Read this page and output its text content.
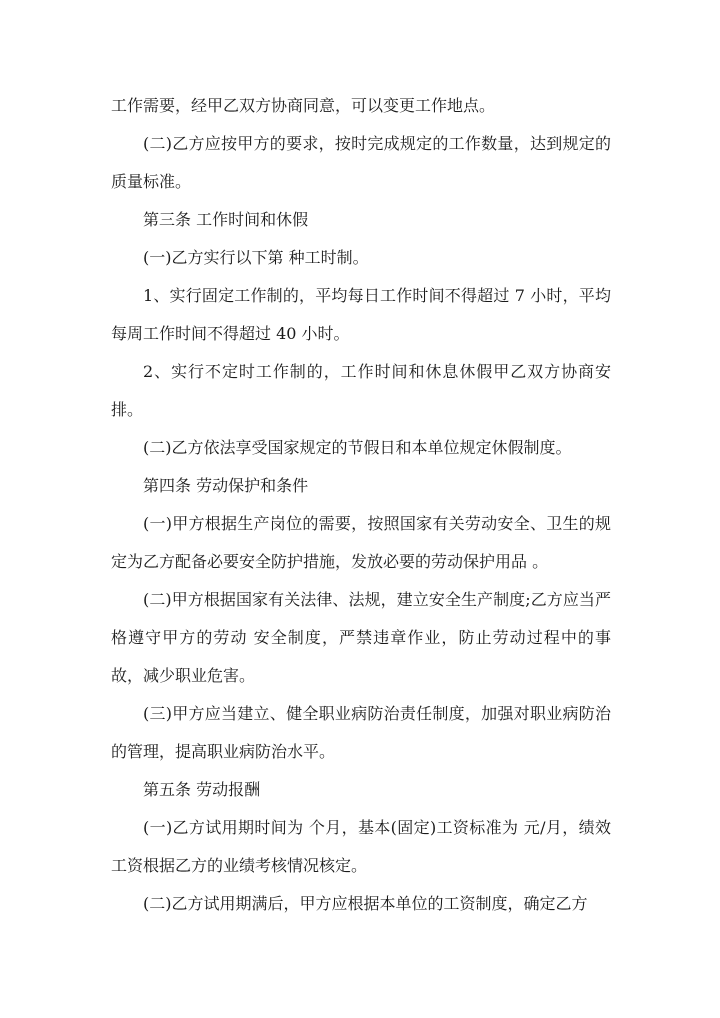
工作需要，经甲乙双方协商同意，可以变更工作地点。

(二)乙方应按甲方的要求，按时完成规定的工作数量，达到规定的质量标准。

第三条 工作时间和休假

(一)乙方实行以下第 种工时制。

1、实行固定工作制的，平均每日工作时间不得超过 7 小时，平均每周工作时间不得超过 40 小时。

2、实行不定时工作制的，工作时间和休息休假甲乙双方协商安排。

(二)乙方依法享受国家规定的节假日和本单位规定休假制度。

第四条 劳动保护和条件

(一)甲方根据生产岗位的需要，按照国家有关劳动安全、卫生的规定为乙方配备必要安全防护措施，发放必要的劳动保护用品 。

(二)甲方根据国家有关法律、法规，建立安全生产制度;乙方应当严格遵守甲方的劳动 安全制度，严禁违章作业，防止劳动过程中的事故，减少职业危害。

(三)甲方应当建立、健全职业病防治责任制度，加强对职业病防治的管理，提高职业病防治水平。

第五条 劳动报酬

(一)乙方试用期时间为 个月，基本(固定)工资标准为 元/月，绩效工资根据乙方的业绩考核情况核定。

(二)乙方试用期满后，甲方应根据本单位的工资制度，确定乙方
